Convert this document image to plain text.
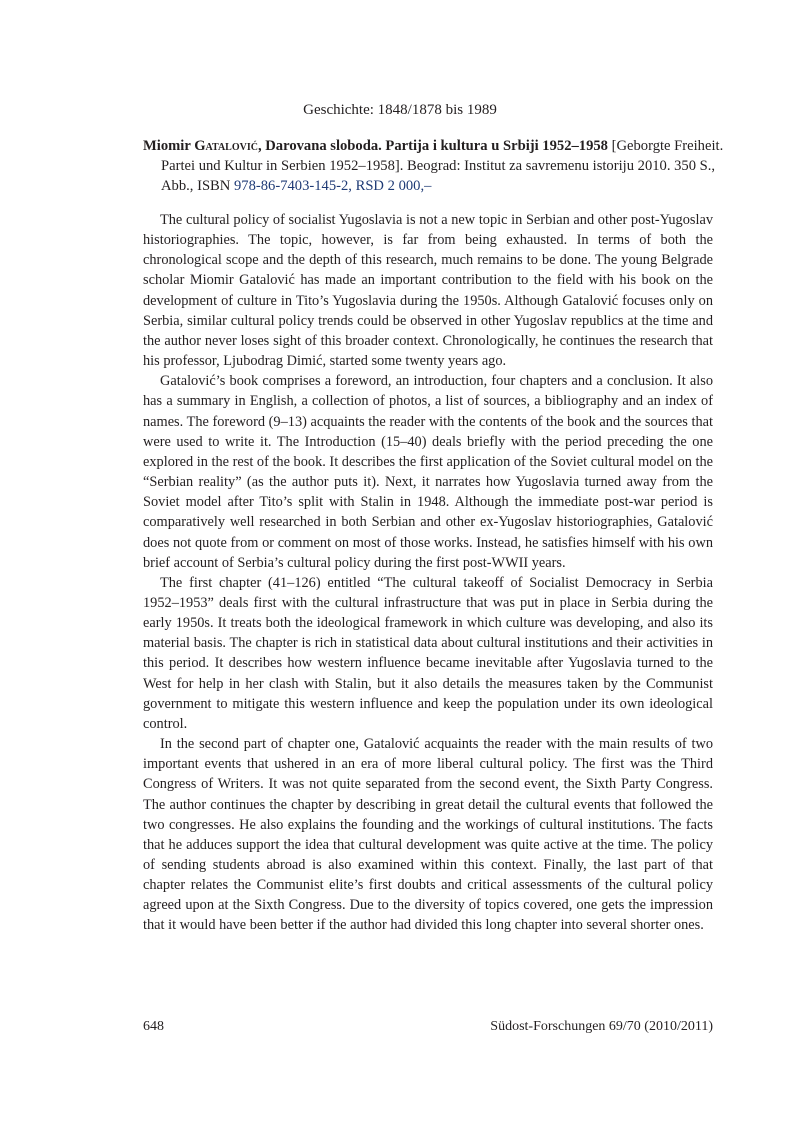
Geschichte: 1848/1878 bis 1989
Miomir Gatalović, Darovana sloboda. Partija i kultura u Srbiji 1952–1958 [Geborgte Freiheit. Partei und Kultur in Serbien 1952–1958]. Beograd: Institut za savremenu istoriju 2010. 350 S., Abb., ISBN 978-86-7403-145-2, RSD 2 000,–

The cultural policy of socialist Yugoslavia is not a new topic in Serbian and other post-Yugoslav historiographies. The topic, however, is far from being exhausted. In terms of both the chronological scope and the depth of this research, much remains to be done. The young Belgrade scholar Miomir Gatalović has made an important contribution to the field with his book on the development of culture in Tito’s Yugoslavia during the 1950s. Although Gatalović focuses only on Serbia, similar cultural policy trends could be observed in other Yugoslav republics at the time and the author never loses sight of this broader context. Chronologically, he continues the research that his professor, Ljubodrag Dimić, started some twenty years ago.

Gatalović’s book comprises a foreword, an introduction, four chapters and a conclusion. It also has a summary in English, a collection of photos, a list of sources, a bibliography and an index of names. The foreword (9–13) acquaints the reader with the contents of the book and the sources that were used to write it. The Introduction (15–40) deals briefly with the period preceding the one explored in the rest of the book. It describes the first application of the Soviet cultural model on the “Serbian reality” (as the author puts it). Next, it narrates how Yugoslavia turned away from the Soviet model after Tito’s split with Stalin in 1948. Although the immediate post-war period is comparatively well researched in both Serbian and other ex-Yugoslav historiographies, Gatalović does not quote from or comment on most of those works. Instead, he satisfies himself with his own brief account of Serbia’s cultural policy during the first post-WWII years.

The first chapter (41–126) entitled “The cultural takeoff of Socialist Democracy in Serbia 1952–1953” deals first with the cultural infrastructure that was put in place in Serbia during the early 1950s. It treats both the ideological framework in which culture was developing, and also its material basis. The chapter is rich in statistical data about cultural institutions and their activities in this period. It describes how western influence became inevitable after Yugoslavia turned to the West for help in her clash with Stalin, but it also details the measures taken by the Communist government to mitigate this western influence and keep the population under its own ideological control.

In the second part of chapter one, Gatalović acquaints the reader with the main results of two important events that ushered in an era of more liberal cultural policy. The first was the Third Congress of Writers. It was not quite separated from the second event, the Sixth Party Congress. The author continues the chapter by describing in great detail the cultural events that followed the two congresses. He also explains the founding and the workings of cultural institutions. The facts that he adduces support the idea that cultural development was quite active at the time. The policy of sending students abroad is also examined within this context. Finally, the last part of that chapter relates the Communist elite’s first doubts and critical assessments of the cultural policy agreed upon at the Sixth Congress. Due to the diversity of topics covered, one gets the impression that it would have been better if the author had divided this long chapter into several shorter ones.

648	Südost-Forschungen 69/70 (2010/2011)
